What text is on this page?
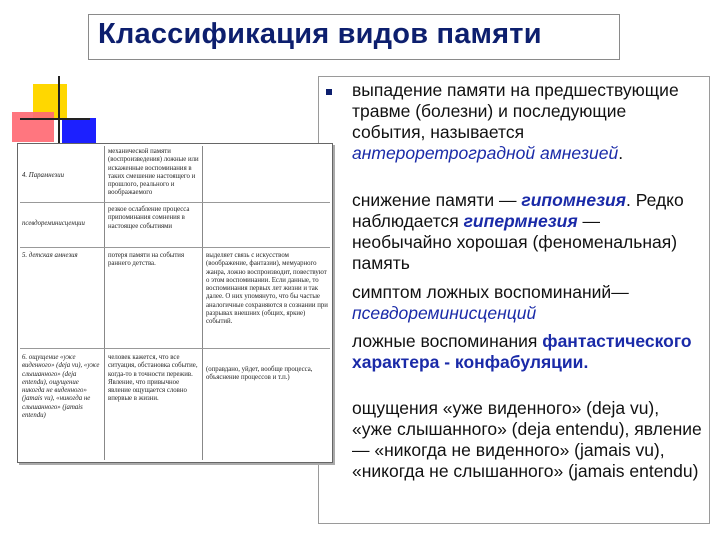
Классификация видов памяти
выпадение памяти на предшествующие травме (болезни) и последующие события, называется антероретроградной амнезией.
снижение памяти — гипомнезия. Редко наблюдается гипермнезия — необычайно хорошая (феноменальная) память
симптом ложных воспоминаний— псевдореминисценций
ложные воспоминания фантастического характера - конфабуляции.
ощущения «уже виденного» (deja vu), «уже слышанного» (deja entendu), явление — «никогда не виденного» (jamais vu), «никогда не слышанного» (jamais entendu)
4. Парамнезии
механической памяти (воспроизведения) ложные или искаженные воспоминания в таких смешение настоящего и прошлого, реального и воображаемого
псевдореминисценции
резкое ослабление процесса припоминания сомнения в настоящее событиями
5. детская амнезия	потеря памяти на события раннего детства.
выделяет связь с искусством (воображение, фантазии), мемуарного жанра, ложно воспроизводит, повествуют о этом воспоминании. Если данные, то воспоминания первых лет жизни и так далее. О них упомянуто, что бы частые аналогичные сохраняются в сознании при разрывах внешних (общих, яркие) событий.
6. ощущение «уже виденного» (deja vu), «уже слышанного» (deja entendu), ощущение никогда не виденного» (jamais vu), «никогда не слышанного» (jamais entendu)
человек кажется, что все ситуация, обстановка событие, когда-то в точности пережив. Явление, что привычное явление ощущается словно впервые в жизни.
(оправдано, уйдет, вообще процесса, объяснение процессов и т.п.)
